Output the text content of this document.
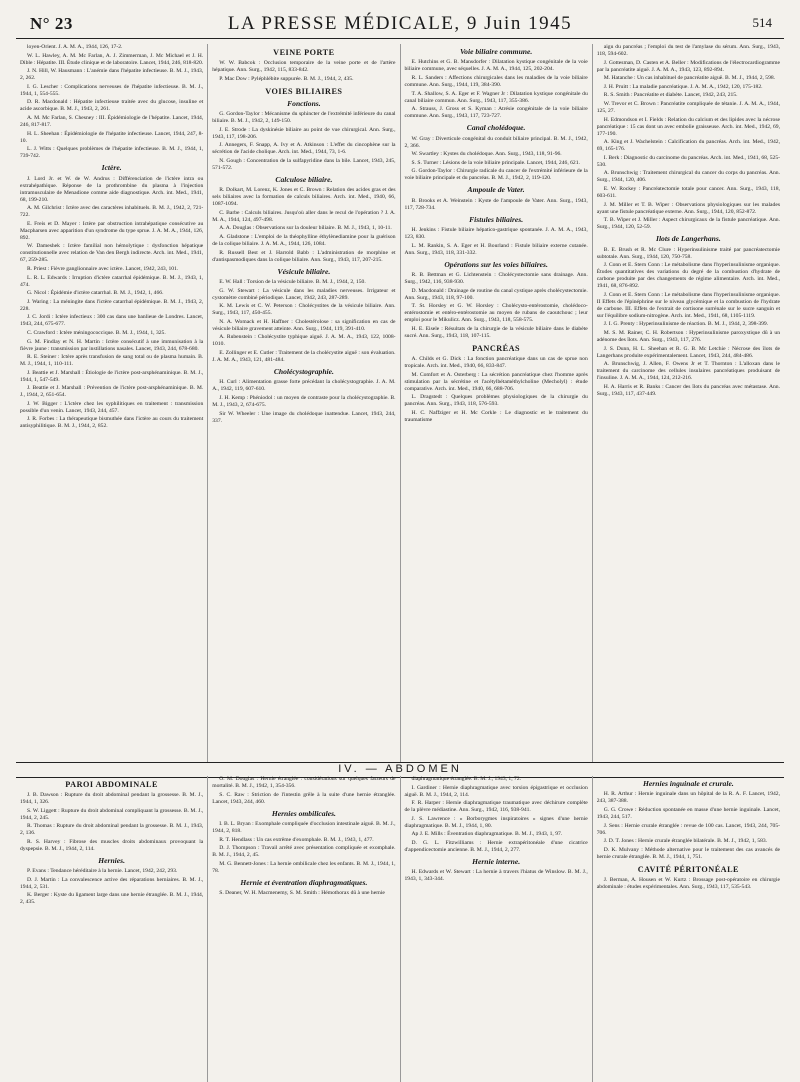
N° 23	LA PRESSE MÉDICALE, 9 Juin 1945	514

loyen-Orient. J. A. M. A., 1944, 126, 17-2.

W. L. Hawley, A. M. Mc Farlan, A. J. Zimmerman, J. Mc Michael et J. H. Dible : Hépatite. III. Étude clinique et de laboratoire. Lancet, 1944, 246, 818-820.

J. N. Hill, W. Hausmann : L'anémie dans l'hépatite infectieuse. B. M. J., 1943, 2, 262.

I. G. Lescher : Complications nerveuses de l'hépatite infectieuse. B. M. J., 1944, 1, 554-555.

D. R. Macdonald : Hépatite infectieuse traitée avec du glucose, insuline et acide ascorbique. B. M. J., 1943, 2, 261.

A. M. Mc Farlan, S. Chesney : III. Épidémiologie de l'hépatite. Lancet, 1944, 246, 817-817.

H. L. Sheehan : Épidémiologie de l'hépatite infectieuse. Lancet, 1944, 247, 8-10.

L. J. Witts : Quelques problèmes de l'hépatite infectieuse. B. M. J., 1944, 1, 739-742.

Ictère.

J. Lord Jr. et W. de W. Andrus : Différenciation de l'ictère intra ou extrahépathique. Réponse de la prothrombine du plasma à l'injection intramusculaire de Menadione comme aide diagnostique. Arch. int. Med., 1941, 68, 199-210.

A. M. Gilchrist : Ictère avec des caractères inhabituels. B. M. J., 1942, 2, 721-722.

E. Freis et D. Mayer : Ictère par obstruction intrahépatique consécutive au Macpharsen avec apparition d'un syndrome du type sprue. J. A. M. A., 1944, 126, 892.

W. Dameshek : Ictère familial non hémolytique : dysfonction hépatique constitutionnelle avec relation de Van den Bergh indirecte. Arch. int. Med., 1941, 67, 259-285.

R. Priest : Fièvre ganglionnaire avec ictère. Lancet, 1942, 243, 101.

L. R. L. Edwards : Irruption d'ictère catarrhal épidémique. B. M. J., 1943, 1, 474.

G. Nicol : Épidémie d'ictère catarrhal. B. M. J., 1942, 1, 466.

J. Waring : La méningite dans l'ictère catarrhal épidémique. B. M. J., 1943, 2, 228.

J. C. Jordi : Ictère infectieux : 300 cas dans une banlieue de Londres. Lancet, 1943, 244, 675-677.

C. Crawford : Ictère méningococcique. B. M. J., 1944, 1, 325.

G. M. Findlay et N. H. Martin : Ictère consécutif à une immunisation à la fièvre jaune : transmission par instillations nasales. Lancet, 1943, 244, 678-680.

R. E. Steiner : Ictère après transfusion de sang total ou de plasma humain. B. M. J., 1944, 1, 110-111.

J. Beattie et J. Marshall : Étiologie de l'ictère post-arsphénaminique. B. M. J., 1944, 1, 547-549.

J. Beattie et J. Marshall : Prévention de l'ictère post-arsphénaminique. B. M. J., 1944, 2, 651-654.

J. W. Bigger : L'ictère chez les syphilitiques en traitement : transmission possible d'un venin. Lancet, 1943, 244, 457.

J. R. Forbes : La thérapeutique bismuthée dans l'ictère au cours du traitement antisyphilitique. B. M. J., 1944, 2, 852.

VEINE PORTE

W. W. Babcok : Occlusion temporaire de la veine porte et de l'artère hépatique. Ann. Surg., 1942, 115, 833-842.

P. Mac Dow : Pyléphlébite suppurée. B. M. J., 1944, 2, 435.

VOIES BILIAIRES
Fonctions.

G. Gordon-Taylor : Mécanisme du sphincter de l'extrémité inférieure du canal biliaire. B. M. J., 1942, 2, 149-150.

J. E. Strode : La dyskinésie biliaire au point de vue chirurgical. Ann. Surg., 1943, 117, 198-206.

J. Annegers, F. Snapp, A. Ivy et A. Atkinson : L'effet du cincophène sur la sécrétion de l'acide cholique. Arch. int. Med., 1944, 73, 1-6.

N. Gough : Concentration de la sulfapyridine dans la bile. Lancet, 1943, 245, 571-572.

Calculose biliaire.

R. Dolkart, M. Lorenz, K. Jones et C. Brown : Relation des acides gras et des sels biliaires avec la formation de calculs biliaires. Arch. int. Med., 1940, 66, 1087-1094.

C. Barbe : Calculs biliaires. Jusqu'où aller dans le recul de l'opération ? J. A. M. A., 1944, 124, 497-498.

A. A. Douglas : Observations sur la douleur biliaire. B. M. J., 1943, 1, 10-11.

A. Gladstone : L'emploi de la théophylline éthylènediamine pour la guérison de la colique biliaire. J. A. M. A., 1944, 126, 1084.

R. Russell Best et J. Harrold Babb : L'administration de morphine et d'antispasmodiques dans la colique biliaire. Ann. Surg., 1943, 117, 207-215.

Vésicule biliaire.

E. W. Hall : Torsion de la vésicule biliaire. B. M. J., 1944, 2, 150.

G. W. Stewart : La vésicule dans les maladies nerveuses. Irrigateur et cystomètre combiné périodique. Lancet, 1942, 243, 287-289.

K. M. Lewis et C. W. Peterson : Cholécystites de la vésicule biliaire. Ann. Surg., 1943, 117, 450-455.

N. A. Womack et H. Haffner : Cholestérolose : sa signification en cas de vésicule biliaire gravement atteinte. Ann. Surg., 1944, 119, 391-410.

A. Rubenstein : Cholécystite typhique aiguë. J. A. M. A., 1943, 122, 1008-1010.

E. Zollinger et E. Cutler : Traitement de la cholécystite aiguë : son évaluation. J. A. M. A., 1943, 121, 481-484.

Cholécystographie.

H. Curl : Alimentation grasse forte précédant la cholécystographie. J. A. M. A., 1942, 119, 607-610.

J. H. Kemp : Phéniodol : un moyen de contraste pour la cholécystographie. B. M. J., 1943, 2, 674-675.

Sir W. Wheeler : Une image du cholédoque inattendue. Lancet, 1943, 244, 337.

Voie biliaire commune.

E. Hutchins et G. B. Mansdorfer : Dilatation kystique congénitale de la voie biliaire commune, avec séquelles. J. A. M. A., 1944, 125, 202-204.

R. L. Sanders : Affections chirurgicales dans les maladies de la voie biliaire commune. Ann. Surg., 1944, 119, 384-390.

T. A. Shallow, S. A. Eger et F. Wagner Jr : Dilatation kystique congénitale du canal biliaire commun. Ann. Surg., 1943, 117, 355-386.

A. Strauss, J. Gross et S. Kyman : Atrésie congénitale de la voie biliaire commune. Ann. Surg., 1943, 117, 723-727.

Canal cholédoque.

W. Gray : Diverticule congénital du conduit biliaire principal. B. M. J., 1942, 2, 366.

W. Swartley : Kystes du cholédoque. Ann. Surg., 1943, 118, 91-96.

S. S. Turner : Lésions de la voie biliaire principale. Lancet, 1944, 246, 621.

G. Gordon-Taylor : Chirurgie radicale du cancer de l'extrémité inférieure de la voie biliaire principale et du pancréas. B. M. J., 1942, 2, 119-120.

Ampoule de Vater.

B. Brooks et A. Weinstein : Kyste de l'ampoule de Vater. Ann. Surg., 1943, 117, 728-734.

Fistules biliaires.

H. Jenkins : Fistule biliaire hépatico-gastrique spontanée. J. A. M. A., 1943, 123, 830.

L. M. Rankin, S. A. Eger et H. Bourland : Fistule biliaire externe cutanée. Ann. Surg., 1943, 118, 331-332.

Opérations sur les voies biliaires.

R. B. Bettman et G. Lichtenstein : Cholécystectomie sans drainage. Ann. Surg., 1942, 116, 938-930.

D. Macdonald : Drainage de routine du canal cystique après cholécystectomie. Ann. Surg., 1943, 118, 97-100.

T. St. Horsley et G. W. Horsley : Cholécysto-entérostomie, cholédoco-entérostomie et entéro-entérostomie au moyen de rubans de caoutchouc ; leur emploi pour le Mikulicz. Ann. Surg., 1943, 118, 558-575.

H. E. Eisele : Résultats de la chirurgie de la vésicule biliaire dans le diabète sucré. Ann. Surg., 1943, 118, 107-115.

PANCRÉAS

A. Childs et G. Dick : La fonction pancréatique dans un cas de sprue non tropicale. Arch. int. Med., 1940, 66, 833-847.

M. Comfort et A. Osterberg : La sécrétion pancréatique chez l'homme après stimulation par la sécrétine et l'acétylbétaméthylcholine (Mecholyl) : étude comparative. Arch. int. Med., 1940, 66, 688-706.

L. Dragstedt : Quelques problèmes physiologiques de la chirurgie du pancréas. Ann. Surg., 1943, 118, 576-593.

H. C. Naffziger et H. Mc Corkle : Le diagnostic et le traitement du traumatisme

aigu du pancréas ; l'emploi du test de l'amylase du sérum. Ann. Surg., 1943, 118, 594-602.

J. Gottesman, D. Casten et A. Beller : Modifications de l'électrocardiogramme par la pancréatite aiguë. J. A. M. A., 1943, 123, 892-894.

M. Hatanche : Un cas inhabituel de pancréatite aiguë. B. M. J., 1944, 2, 598.

J. H. Pruitt : La maladie pancréatique. J. A. M. A., 1942, 120, 175-182.

R. S. Smith : Pancréatite et diabète. Lancet, 1942, 243, 215.

W. Trevor et C. Brown : Pancréatite compliquée de tétanie. J. A. M. A., 1944, 125, 27.

H. Edmondson et I. Fields : Relation du calcium et des lipides avec la nécrose pancréatique : 15 cas dont un avec embolie graisseuse. Arch. int. Med., 1942, 69, 177-190.

A. King et J. Wachelstein : Calcification du pancréas. Arch. int. Med., 1942, 69, 165-176.

I. Berk : Diagnostic du carcinome du pancréas. Arch. int. Med., 1941, 68, 525-530.

A. Brunschwig : Traitement chirurgical du cancer du corps du pancréas. Ann. Surg., 1944, 120, 406.

E. W. Rockey : Pancréatectomie totale pour cancer. Ann. Surg., 1943, 118, 603-611.

J. M. Miller et T. B. Wiper : Observations physiologiques sur les malades ayant une fistule pancréatique externe. Ann. Surg., 1944, 120, 852-872.

T. B. Wiper et J. Miller : Aspect chirurgicaux de la fistule pancréatique. Ann. Surg., 1944, 120, 52-59.

Ilots de Langerhans.

B. E. Brush et R. Mc Clure : Hyperinsulinisme traité par pancréatectomie subtotale. Ann. Surg., 1944, 120, 750-758.

J. Conn et E. Stern Conn : Le métabolisme dans l'hyperinsulinisme organique. Études quantitatives des variations du degré de la combustion d'hydrate de carbone produite par des changements de régime alimentaire. Arch. int. Med., 1941, 68, 876-892.

J. Conn et E. Stern Conn : Le métabolisme dans l'hyperinsulinisme organique. II Effets de l'épinéphrine sur le niveau glycémique et la combustion de l'hydrate de carbone. III. Effets de l'extrait de cortisone surrénale sur le sucre sanguin et sur l'équilibre sodium-nitrogène. Arch. int. Med., 1941, 68, 1105-1119.

J. I. G. Prenty : Hyperinsulinisme de réaction. B. M. J., 1944, 2, 398-399.

M. S. M. Rainer, C. H. Robertson : Hyperinsulinisme paroxystique dû à un adénome des îlots. Ann. Surg., 1943, 117, 276.

J. S. Dunn, H. L. Sheehan et R. G. B. Mc Letchie : Nécrose des îlots de Langerhans produite expérimentalement. Lancet, 1943, 244, 484-486.

A. Brunschwig, J. Allen, F. Owens Jr et T. Thornton : L'alloxan dans le traitement du carcinome des cellules insulaires pancréatiques produisant de l'insuline. J. A. M. A., 1944, 124, 212-216.

H. A. Harris et R. Banks : Cancer des îlots du pancréas avec métastase. Ann. Surg., 1943, 117, 437-449.

IV. — ABDOMEN
PAROI ABDOMINALE

J. B. Dawson : Rupture du droit abdominal pendant la grossesse. B. M. J., 1944, 1, 326.

S. W. Liggett : Rupture du droit abdominal compliquant la grossesse. B. M. J., 1944, 2, 245.

R. Thomas : Rupture du droit abdominal pendant la grossesse. B. M. J., 1943, 2, 136.

R. S. Harvey : Fibrose des muscles droits abdominaux provoquant la dyspepsie. B. M. J., 1944, 2, 114.

Hernies.

P. Evans : Tendance héréditaire à la hernie. Lancet, 1942, 242, 293.

D. J. Martin : La convalescence active des réparations herniaires. B. M. J., 1944, 2, 531.

K. Berger : Kyste du ligament large dans une hernie étranglée. B. M. J., 1944, 2, 435.

O. M. Douglas : Hernie étranglée : considérations sur quelques facteurs de mortalité. B. M. J., 1942, 1, 354-356.

S. C. Raw : Striction de l'intestin grêle à la suite d'une hernie étranglée. Lancet, 1943, 244, 460.

Hernies ombilicales.

I. B. L. Bryan : Exomphale compliquée d'occlusion intestinale aiguë. B. M. J., 1944, 2, 818.

R. T. Hendlass : Un cas extrême d'exomphale. B. M. J., 1943, 1, 477.

D. J. Thompson : Travail arrêté avec présentation compliquée et exomphale. B. M. J., 1944, 2, 45.

M. G. Bennett-Jones : La hernie ombilicale chez les enfants. B. M. J., 1944, 1, 78.

Hernie et éventration diaphragmatiques.

S. Deaner, W. H. Macmenemy, S. M. Smith : Hémothorax dû à une hernie

diaphragmatique étranglée. B. M. J., 1943, 1, 72.

I. Gardiner : Hernie diaphragmatique avec torsion épigastrique et occlusion aiguë. B. M. J., 1944, 2, 114.

F. R. Harper : Hernie diaphragmatique traumatique avec déchirure complète de la plèvre médiastine. Ann. Surg., 1942, 116, 938-941.

J. S. Lawrence : « Borborygmes inspiratoires » signes d'une hernie diaphragmatique. B. M. J., 1944, 1, 80.

Ap J. E. Mills : Éventration diaphragmatique. B. M. J., 1943, 1, 97.

D. G. L. Fitzwilliams : Hernie extrapéritonéale d'une cicatrice d'appendicectomie ancienne. B. M. J., 1944, 2, 277.

Hernie interne.

H. Edwards et W. Stewart : La hernie à travers l'hiatus de Winslow. B. M. J., 1943, 1, 343-344.

Hernies inguinale et crurale.

H. R. Arthur : Hernie inguinale dans un hôpital de la R. A. F. Lancet, 1942, 243, 387-388.

G. G. Crowe : Réduction spontanée en masse d'une hernie inguinale. Lancet, 1943, 244, 517.

J. Sens : Hernie crurale étranglée : revue de 100 cas. Lancet, 1943, 244, 705-706.

J. D. T. Jones : Hernie crurale étranglée bilatérale. B. M. J., 1942, 1, 583.

D. K. Mulvany : Méthode alternative pour le traitement des cas avancés de hernie crurale étranglée. B. M. J., 1944, 1, 751.

CAVITÉ PÉRITONÉALE

J. Berman, A. Housen et W. Kurtz : Brossage post-opératoire en chirurgie abdominale : études expérimentales. Ann. Surg., 1943, 117, 535-543.
